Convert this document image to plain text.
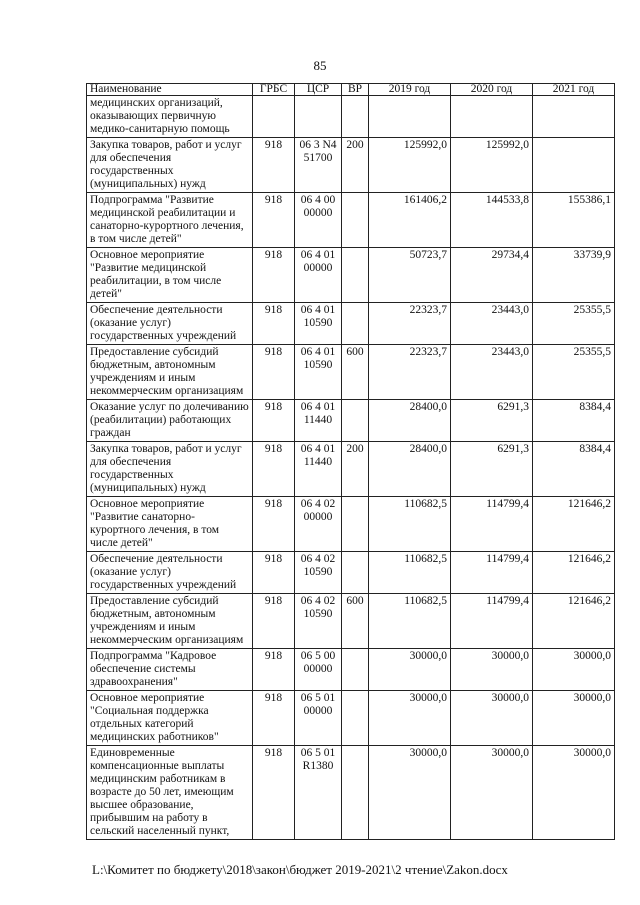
85
Наименование	ГРБС	ЦСР	ВР	2019 год	2020 год	2021 год
медицинских организаций, оказывающих первичную медико-санитарную помощь						
Закупка товаров, работ и услуг для обеспечения государственных (муниципальных) нужд	918	06 3 N4 51700	200	125992,0	125992,0	
Подпрограмма "Развитие медицинской реабилитации и санаторно-курортного лечения, в том числе детей"	918	06 4 00 00000		161406,2	144533,8	155386,1
Основное мероприятие "Развитие медицинской реабилитации, в том числе детей"	918	06 4 01 00000		50723,7	29734,4	33739,9
Обеспечение деятельности (оказание услуг) государственных учреждений	918	06 4 01 10590		22323,7	23443,0	25355,5
Предоставление субсидий бюджетным, автономным учреждениям и иным некоммерческим организациям	918	06 4 01 10590	600	22323,7	23443,0	25355,5
Оказание услуг по долечиванию (реабилитации) работающих граждан	918	06 4 01 11440		28400,0	6291,3	8384,4
Закупка товаров, работ и услуг для обеспечения государственных (муниципальных) нужд	918	06 4 01 11440	200	28400,0	6291,3	8384,4
Основное мероприятие "Развитие санаторно-курортного лечения, в том числе детей"	918	06 4 02 00000		110682,5	114799,4	121646,2
Обеспечение деятельности (оказание услуг) государственных учреждений	918	06 4 02 10590		110682,5	114799,4	121646,2
Предоставление субсидий бюджетным, автономным учреждениям и иным некоммерческим организациям	918	06 4 02 10590	600	110682,5	114799,4	121646,2
Подпрограмма "Кадровое обеспечение системы здравоохранения"	918	06 5 00 00000		30000,0	30000,0	30000,0
Основное мероприятие "Социальная поддержка отдельных категорий медицинских работников"	918	06 5 01 00000		30000,0	30000,0	30000,0
Единовременные компенсационные выплаты медицинским работникам в возрасте до 50 лет, имеющим высшее образование, прибывшим на работу в сельский населенный пункт,	918	06 5 01 R1380		30000,0	30000,0	30000,0
L:\Комитет по бюджету\2018\закон\бюджет 2019-2021\2 чтение\Zakon.docx
